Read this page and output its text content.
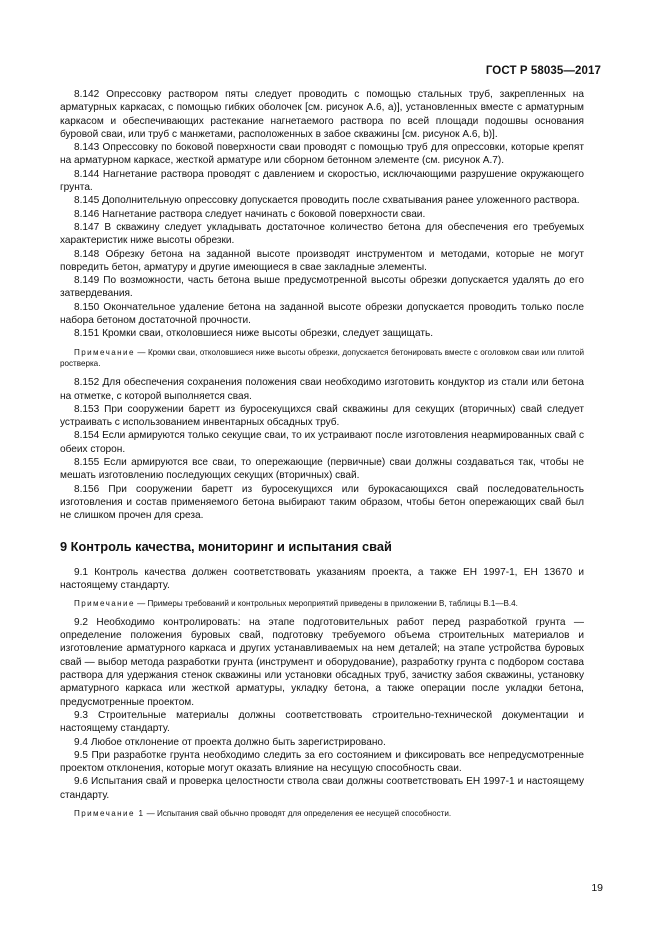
ГОСТ Р 58035—2017

8.142 Опрессовку раствором пяты следует проводить с помощью стальных труб, закрепленных на арматурных каркасах, с помощью гибких оболочек [см. рисунок А.6, а)], установленных вместе с арматурным каркасом и обеспечивающих растекание нагнетаемого раствора по всей площади подошвы основания буровой сваи, или труб с манжетами, расположенных в забое скважины [см. рисунок А.6, b)].

8.143 Опрессовку по боковой поверхности сваи проводят с помощью труб для опрессовки, которые крепят на арматурном каркасе, жесткой арматуре или сборном бетонном элементе (см. рисунок А.7).

8.144 Нагнетание раствора проводят с давлением и скоростью, исключающими разрушение окружающего грунта.

8.145 Дополнительную опрессовку допускается проводить после схватывания ранее уложенного раствора.

8.146 Нагнетание раствора следует начинать с боковой поверхности сваи.

8.147 В скважину следует укладывать достаточное количество бетона для обеспечения его требуемых характеристик ниже высоты обрезки.

8.148 Обрезку бетона на заданной высоте производят инструментом и методами, которые не могут повредить бетон, арматуру и другие имеющиеся в свае закладные элементы.

8.149 По возможности, часть бетона выше предусмотренной высоты обрезки допускается удалять до его затвердевания.

8.150 Окончательное удаление бетона на заданной высоте обрезки допускается проводить только после набора бетоном достаточной прочности.

8.151 Кромки сваи, отколовшиеся ниже высоты обрезки, следует защищать.

Примечание — Кромки сваи, отколовшиеся ниже высоты обрезки, допускается бетонировать вместе с оголовком сваи или плитой ростверка.

8.152 Для обеспечения сохранения положения сваи необходимо изготовить кондуктор из стали или бетона на отметке, с которой выполняется свая.

8.153 При сооружении баретт из буросекущихся свай скважины для секущих (вторичных) свай следует устраивать с использованием инвентарных обсадных труб.

8.154 Если армируются только секущие сваи, то их устраивают после изготовления неармированных свай с обеих сторон.

8.155 Если армируются все сваи, то опережающие (первичные) сваи должны создаваться так, чтобы не мешать изготовлению последующих секущих (вторичных) свай.

8.156 При сооружении баретт из буросекущихся или бурокасающихся свай последовательность изготовления и состав применяемого бетона выбирают таким образом, чтобы бетон опережающих свай был не слишком прочен для среза.

9 Контроль качества, мониторинг и испытания свай

9.1 Контроль качества должен соответствовать указаниям проекта, а также ЕН 1997-1, ЕН 13670 и настоящему стандарту.

Примечание — Примеры требований и контрольных мероприятий приведены в приложении В, таблицы В.1—В.4.

9.2 Необходимо контролировать: на этапе подготовительных работ перед разработкой грунта — определение положения буровых свай, подготовку требуемого объема строительных материалов и изготовление арматурного каркаса и других устанавливаемых на нем деталей; на этапе устройства буровых свай — выбор метода разработки грунта (инструмент и оборудование), разработку грунта с подбором состава раствора для удержания стенок скважины или установки обсадных труб, зачистку забоя скважины, установку арматурного каркаса или жесткой арматуры, укладку бетона, а также операции после укладки бетона, предусмотренные проектом.

9.3 Строительные материалы должны соответствовать строительно-технической документации и настоящему стандарту.

9.4 Любое отклонение от проекта должно быть зарегистрировано.

9.5 При разработке грунта необходимо следить за его состоянием и фиксировать все непредусмотренные проектом отклонения, которые могут оказать влияние на несущую способность сваи.

9.6 Испытания свай и проверка целостности ствола сваи должны соответствовать ЕН 1997-1 и настоящему стандарту.

Примечание 1 — Испытания свай обычно проводят для определения ее несущей способности.

19
